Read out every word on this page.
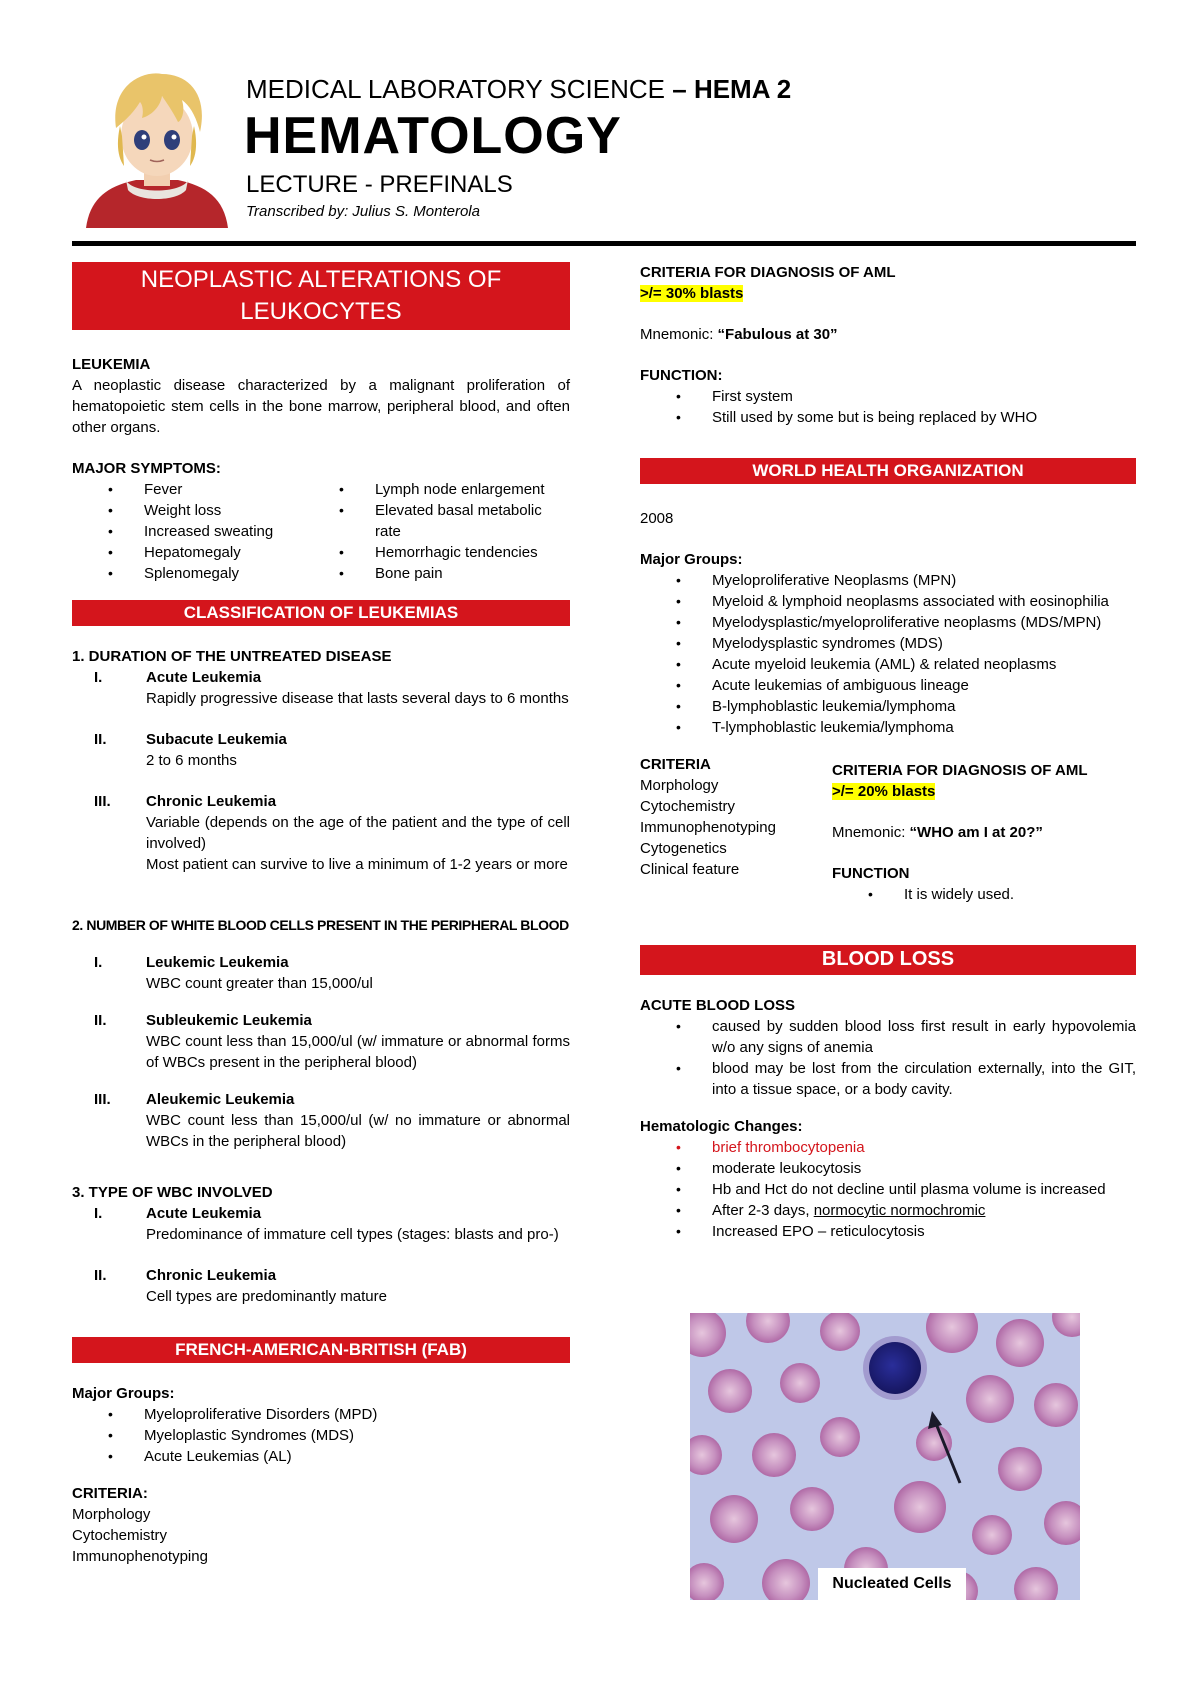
MEDICAL LABORATORY SCIENCE – HEMA 2
HEMATOLOGY
LECTURE - PREFINALS
Transcribed by: Julius S. Monterola
NEOPLASTIC ALTERATIONS OF LEUKOCYTES
LEUKEMIA
A neoplastic disease characterized by a malignant proliferation of hematopoietic stem cells in the bone marrow, peripheral blood, and often other organs.
MAJOR SYMPTOMS:
• Fever
• Weight loss
• Increased sweating
• Hepatomegaly
• Splenomegaly
• Lymph node enlargement
• Elevated basal metabolic rate
• Hemorrhagic tendencies
• Bone pain
CLASSIFICATION OF LEUKEMIAS
1. DURATION OF THE UNTREATED DISEASE
I.	Acute Leukemia
Rapidly progressive disease that lasts several days to 6 months
II.	Subacute Leukemia
2 to 6 months
III.	Chronic Leukemia
Variable (depends on the age of the patient and the type of cell involved)
Most patient can survive to live a minimum of 1-2 years or more
2. NUMBER OF WHITE BLOOD CELLS PRESENT IN THE PERIPHERAL BLOOD
I.	Leukemic Leukemia
WBC count greater than 15,000/ul
II.	Subleukemic Leukemia
WBC count less than 15,000/ul (w/ immature or abnormal forms of WBCs present in the peripheral blood)
III.	Aleukemic Leukemia
WBC count less than 15,000/ul (w/ no immature or abnormal WBCs in the peripheral blood)
3. TYPE OF WBC INVOLVED
I.	Acute Leukemia
Predominance of immature cell types (stages: blasts and pro-)
II.	Chronic Leukemia
Cell types are predominantly mature
FRENCH-AMERICAN-BRITISH (FAB)
Major Groups:
• Myeloproliferative Disorders (MPD)
• Myeloplastic Syndromes (MDS)
• Acute Leukemias (AL)
CRITERIA:
Morphology
Cytochemistry
Immunophenotyping
CRITERIA FOR DIAGNOSIS OF AML
>/= 30% blasts
Mnemonic: “Fabulous at 30”
FUNCTION:
• First system
• Still used by some but is being replaced by WHO
WORLD HEALTH ORGANIZATION
2008
Major Groups:
• Myeloproliferative Neoplasms (MPN)
• Myeloid & lymphoid neoplasms associated with eosinophilia
• Myelodysplastic/myeloproliferative neoplasms (MDS/MPN)
• Myelodysplastic syndromes (MDS)
• Acute myeloid leukemia (AML) & related neoplasms
• Acute leukemias of ambiguous lineage
• B-lymphoblastic leukemia/lymphoma
• T-lymphoblastic leukemia/lymphoma
CRITERIA
Morphology
Cytochemistry
Immunophenotyping
Cytogenetics
Clinical feature
CRITERIA FOR DIAGNOSIS OF AML
>/= 20% blasts
Mnemonic: “WHO am I at 20?”
FUNCTION
• It is widely used.
BLOOD LOSS
ACUTE BLOOD LOSS
• caused by sudden blood loss first result in early hypovolemia w/o any signs of anemia
• blood may be lost from the circulation externally, into the GIT, into a tissue space, or a body cavity.
Hematologic Changes:
• brief thrombocytopenia
• moderate leukocytosis
• Hb and Hct do not decline until plasma volume is increased
• After 2-3 days, normocytic normochromic
• Increased EPO – reticulocytosis
Nucleated Cells
